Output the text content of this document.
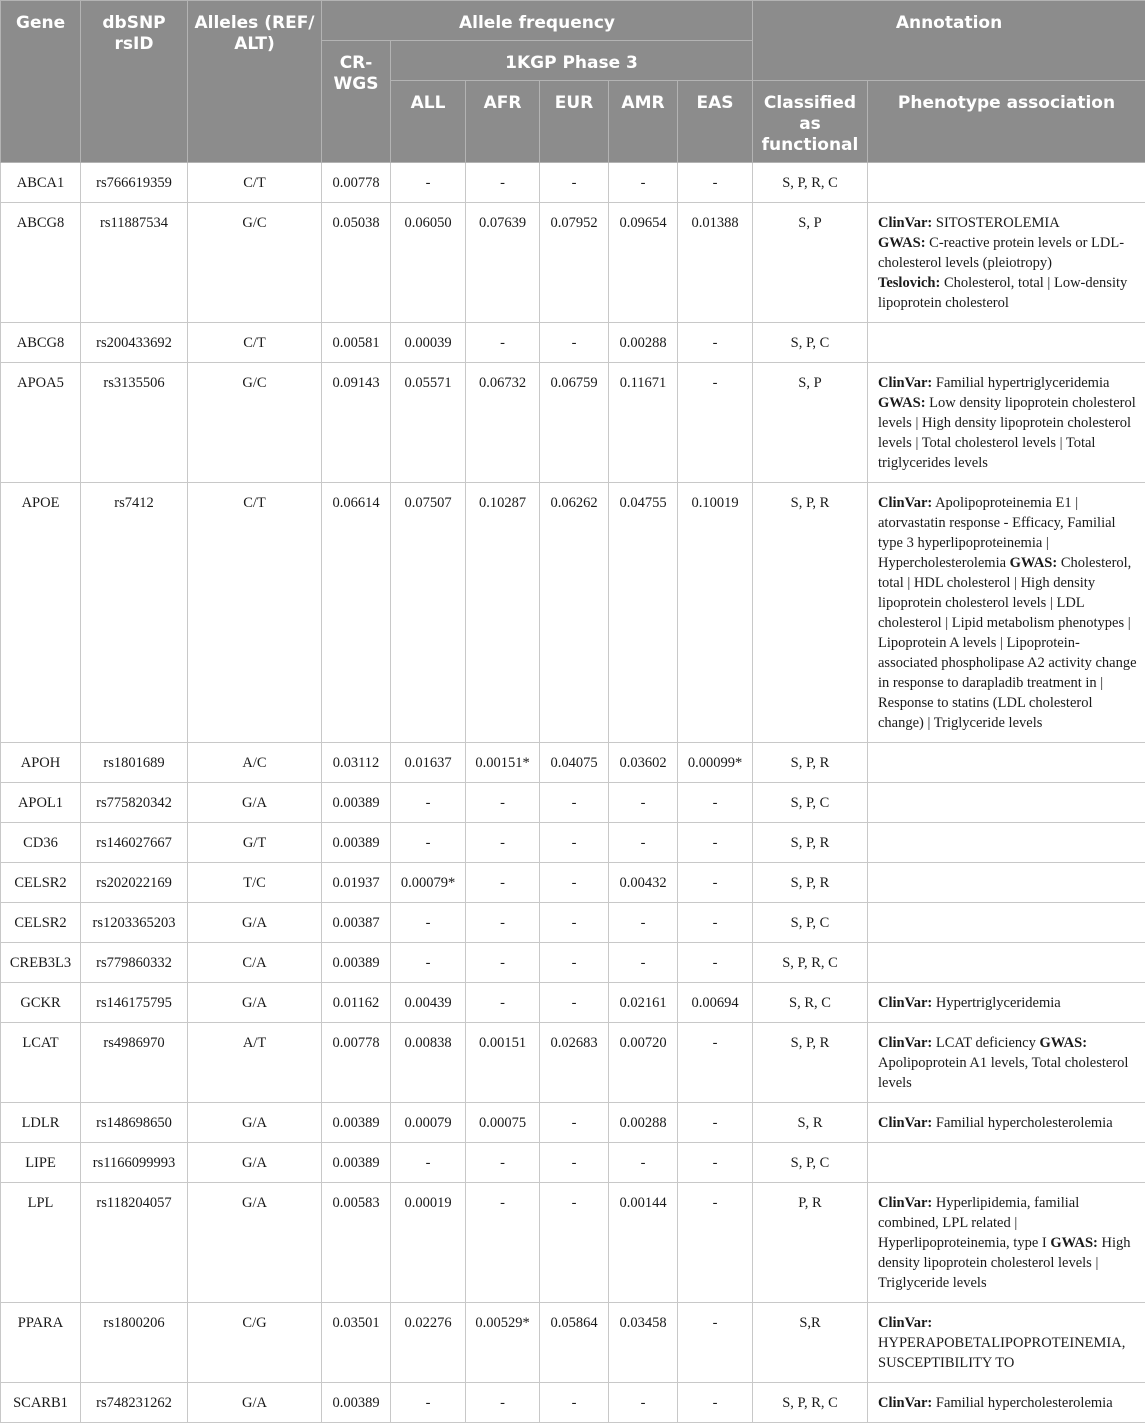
Gene	dbSNP rsID	Alleles (REF/ ALT)	Allele frequency						Annotation	
			CR-WGS	1KGP Phase 3						
				ALL	AFR	EUR	AMR	EAS	Classified as functional	Phenotype association
ABCA1	rs766619359	C/T	0.00778	-	-	-	-	-	S, P, R, C	
ABCG8	rs11887534	G/C	0.05038	0.06050	0.07639	0.07952	0.09654	0.01388	S, P	ClinVar: SITOSTEROLEMIA
GWAS: C-reactive protein levels or LDL-cholesterol levels (pleiotropy)
Teslovich: Cholesterol, total | Low-density lipoprotein cholesterol
ABCG8	rs200433692	C/T	0.00581	0.00039	-	-	0.00288	-	S, P, C	
APOA5	rs3135506	G/C	0.09143	0.05571	0.06732	0.06759	0.11671	-	S, P	ClinVar: Familial hypertriglyceridemia
GWAS: Low density lipoprotein cholesterol levels | High density lipoprotein cholesterol levels | Total cholesterol levels | Total triglycerides levels
APOE	rs7412	C/T	0.06614	0.07507	0.10287	0.06262	0.04755	0.10019	S, P, R	ClinVar: Apolipoproteinemia E1 | atorvastatin response - Efficacy, Familial type 3 hyperlipoproteinemia | Hypercholesterolemia GWAS: Cholesterol, total | HDL cholesterol | High density lipoprotein cholesterol levels | LDL cholesterol | Lipid metabolism phenotypes | Lipoprotein A levels | Lipoprotein-associated phospholipase A2 activity change in response to darapladib treatment in | Response to statins (LDL cholesterol change) | Triglyceride levels
APOH	rs1801689	A/C	0.03112	0.01637	0.00151*	0.04075	0.03602	0.00099*	S, P, R	
APOL1	rs775820342	G/A	0.00389	-	-	-	-	-	S, P, C	
CD36	rs146027667	G/T	0.00389	-	-	-	-	-	S, P, R	
CELSR2	rs202022169	T/C	0.01937	0.00079*	-	-	0.00432	-	S, P, R	
CELSR2	rs1203365203	G/A	0.00387	-	-	-	-	-	S, P, C	
CREB3L3	rs779860332	C/A	0.00389	-	-	-	-	-	S, P, R, C	
GCKR	rs146175795	G/A	0.01162	0.00439	-	-	0.02161	0.00694	S, R, C	ClinVar: Hypertriglyceridemia
LCAT	rs4986970	A/T	0.00778	0.00838	0.00151	0.02683	0.00720	-	S, P, R	ClinVar: LCAT deficiency GWAS: Apolipoprotein A1 levels, Total cholesterol levels
LDLR	rs148698650	G/A	0.00389	0.00079	0.00075	-	0.00288	-	S, R	ClinVar: Familial hypercholesterolemia
LIPE	rs1166099993	G/A	0.00389	-	-	-	-	-	S, P, C	
LPL	rs118204057	G/A	0.00583	0.00019	-	-	0.00144	-	P, R	ClinVar: Hyperlipidemia, familial combined, LPL related | Hyperlipoproteinemia, type I GWAS: High density lipoprotein cholesterol levels | Triglyceride levels
PPARA	rs1800206	C/G	0.03501	0.02276	0.00529*	0.05864	0.03458	-	S,R	ClinVar: HYPERAPOBETALIPOPROTEINEMIA, SUSCEPTIBILITY TO
SCARB1	rs748231262	G/A	0.00389	-	-	-	-	-	S, P, R, C	ClinVar: Familial hypercholesterolemia
